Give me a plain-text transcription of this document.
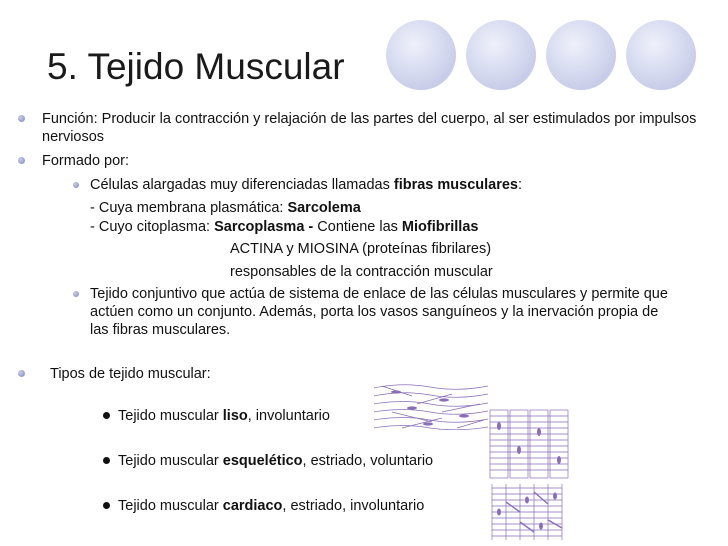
5. Tejido Muscular
Función: Producir la contracción y relajación de las partes del cuerpo, al ser estimulados por impulsos nerviosos
Formado por:
Células alargadas muy diferenciadas llamadas fibras musculares:
- Cuya membrana plasmática: Sarcolema
- Cuyo citoplasma: Sarcoplasma - Contiene las Miofibrillas
ACTINA y MIOSINA (proteínas fibrilares)
responsables de la contracción muscular
Tejido conjuntivo que actúa de sistema de enlace de las células musculares y permite que actúen como un conjunto. Además, porta los vasos sanguíneos y la inervación propia de las fibras musculares.
Tipos de tejido muscular:
Tejido muscular liso, involuntario
Tejido muscular esquelético, estriado, voluntario
Tejido muscular cardiaco, estriado, involuntario
